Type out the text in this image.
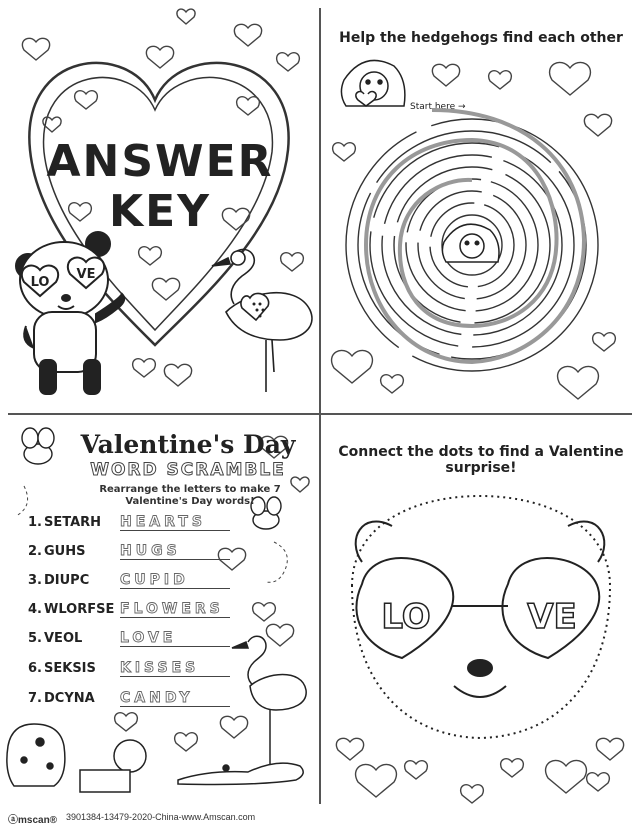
ANSWER
KEY
LO
VE
Help the hedgehogs find each other
Start here →
Valentine's Day
WORD SCRAMBLE
Rearrange the letters to make 7 Valentine's Day words!
1. SETARH HEARTS
2. GUHS HUGS
3. DIUPC CUPID
4. WLORFSE FLOWERS
5. VEOL	LOVE
6. SEKSIS KISSES
7. DCYNA CANDY
Connect the dots to find a Valentine surprise!
LO	VE
ⓐmscan® 3901384-13479-2020-China-www.Amscan.com
